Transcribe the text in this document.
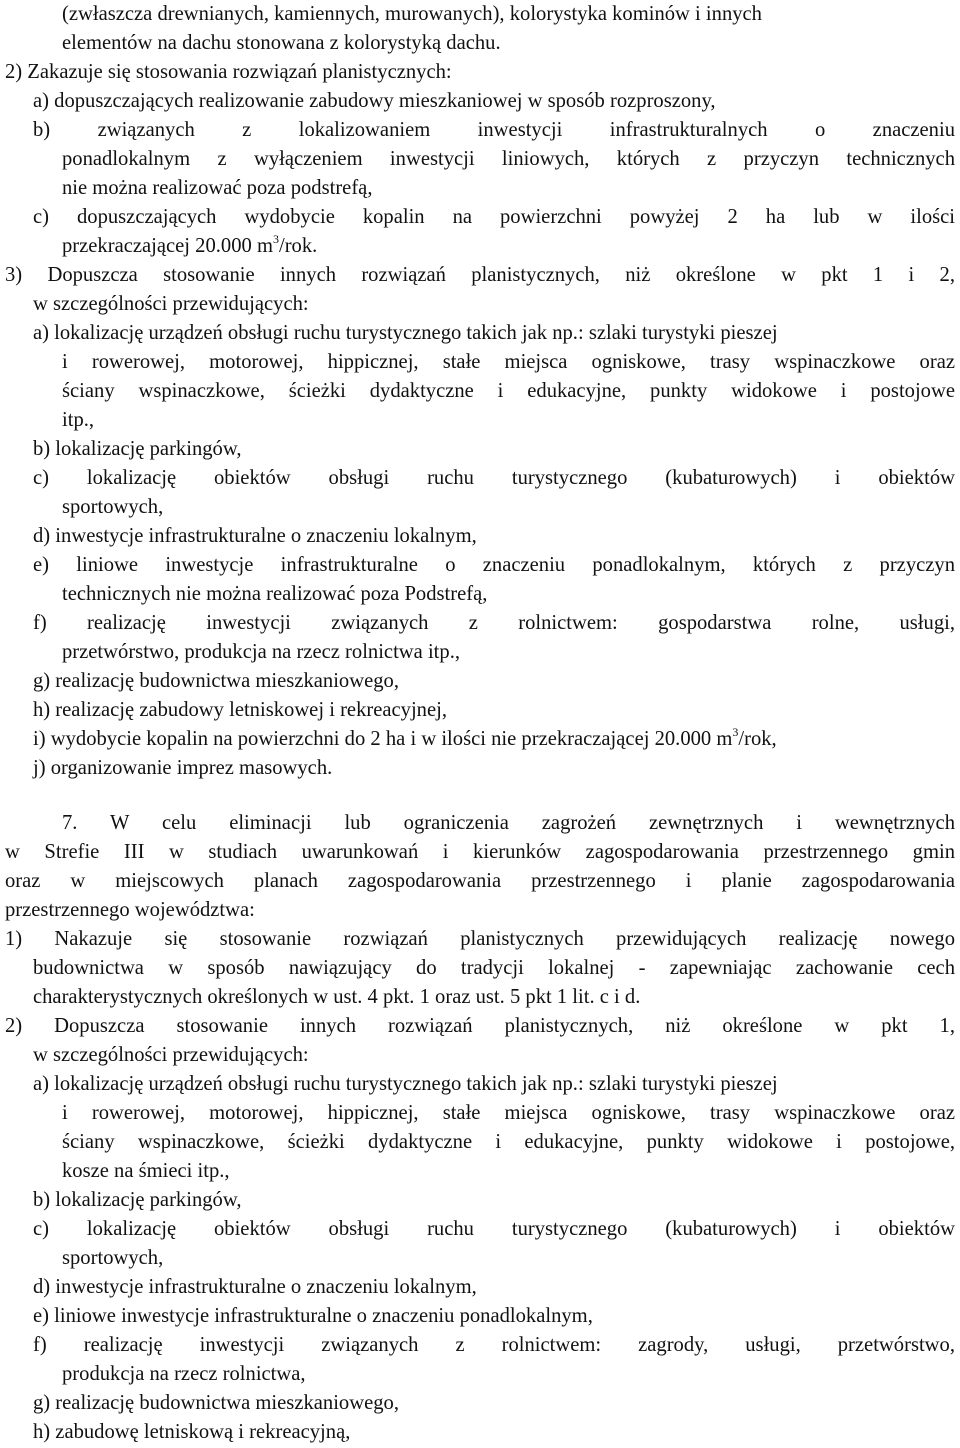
(zwłaszcza drewnianych, kamiennych, murowanych), kolorystyka kominów i innych
elementów na dachu stonowana z kolorystyką dachu.
2) Zakazuje się stosowania rozwiązań planistycznych:
a) dopuszczających realizowanie zabudowy mieszkaniowej w sposób rozproszony,
b) związanych z lokalizowaniem inwestycji infrastrukturalnych o znaczeniu
ponadlokalnym z wyłączeniem inwestycji liniowych, których z przyczyn technicznych
nie można realizować poza podstrefą,
c) dopuszczających wydobycie kopalin na powierzchni powyżej 2 ha lub w ilości
przekraczającej 20.000 $m^3$/rok.
3) Dopuszcza stosowanie innych rozwiązań planistycznych, niż określone w pkt 1 i 2,
w szczególności przewidujących:
a) lokalizację urządzeń obsługi ruchu turystycznego takich jak np.: szlaki turystyki pieszej
i rowerowej, motorowej, hippicznej, stałe miejsca ogniskowe, trasy wspinaczkowe oraz
ściany wspinaczkowe, ścieżki dydaktyczne i edukacyjne, punkty widokowe i postojowe
itp.,
b) lokalizację parkingów,
c) lokalizację obiektów obsługi ruchu turystycznego (kubaturowych) i obiektów
sportowych,
d) inwestycje infrastrukturalne o znaczeniu lokalnym,
e) liniowe inwestycje infrastrukturalne o znaczeniu ponadlokalnym, których z przyczyn
technicznych nie można realizować poza Podstrefą,
f) realizację inwestycji związanych z rolnictwem: gospodarstwa rolne, usługi,
przetwórstwo, produkcja na rzecz rolnictwa itp.,
g) realizację budownictwa mieszkaniowego,
h) realizację zabudowy letniskowej i rekreacyjnej,
i) wydobycie kopalin na powierzchni do 2 ha i w ilości nie przekraczającej 20.000 $m^3$/rok,
j) organizowanie imprez masowych.
7. W celu eliminacji lub ograniczenia zagrożeń zewnętrznych i wewnętrznych
w Strefie III w studiach uwarunkowań i kierunków zagospodarowania przestrzennego gmin
oraz w miejscowych planach zagospodarowania przestrzennego i planie zagospodarowania
przestrzennego województwa:
1) Nakazuje się stosowanie rozwiązań planistycznych przewidujących realizację nowego
budownictwa w sposób nawiązujący do tradycji lokalnej - zapewniając zachowanie cech
charakterystycznych określonych w ust. 4 pkt. 1 oraz ust. 5 pkt 1 lit. c i d.
2) Dopuszcza stosowanie innych rozwiązań planistycznych, niż określone w pkt 1,
w szczególności przewidujących:
a) lokalizację urządzeń obsługi ruchu turystycznego takich jak np.: szlaki turystyki pieszej
i rowerowej, motorowej, hippicznej, stałe miejsca ogniskowe, trasy wspinaczkowe oraz
ściany wspinaczkowe, ścieżki dydaktyczne i edukacyjne, punkty widokowe i postojowe,
kosze na śmieci itp.,
b) lokalizację parkingów,
c) lokalizację obiektów obsługi ruchu turystycznego (kubaturowych) i obiektów
sportowych,
d) inwestycje infrastrukturalne o znaczeniu lokalnym,
e) liniowe inwestycje infrastrukturalne o znaczeniu ponadlokalnym,
f) realizację inwestycji związanych z rolnictwem: zagrody, usługi, przetwórstwo,
produkcja na rzecz rolnictwa,
g) realizację budownictwa mieszkaniowego,
h) zabudowę letniskową i rekreacyjną,
